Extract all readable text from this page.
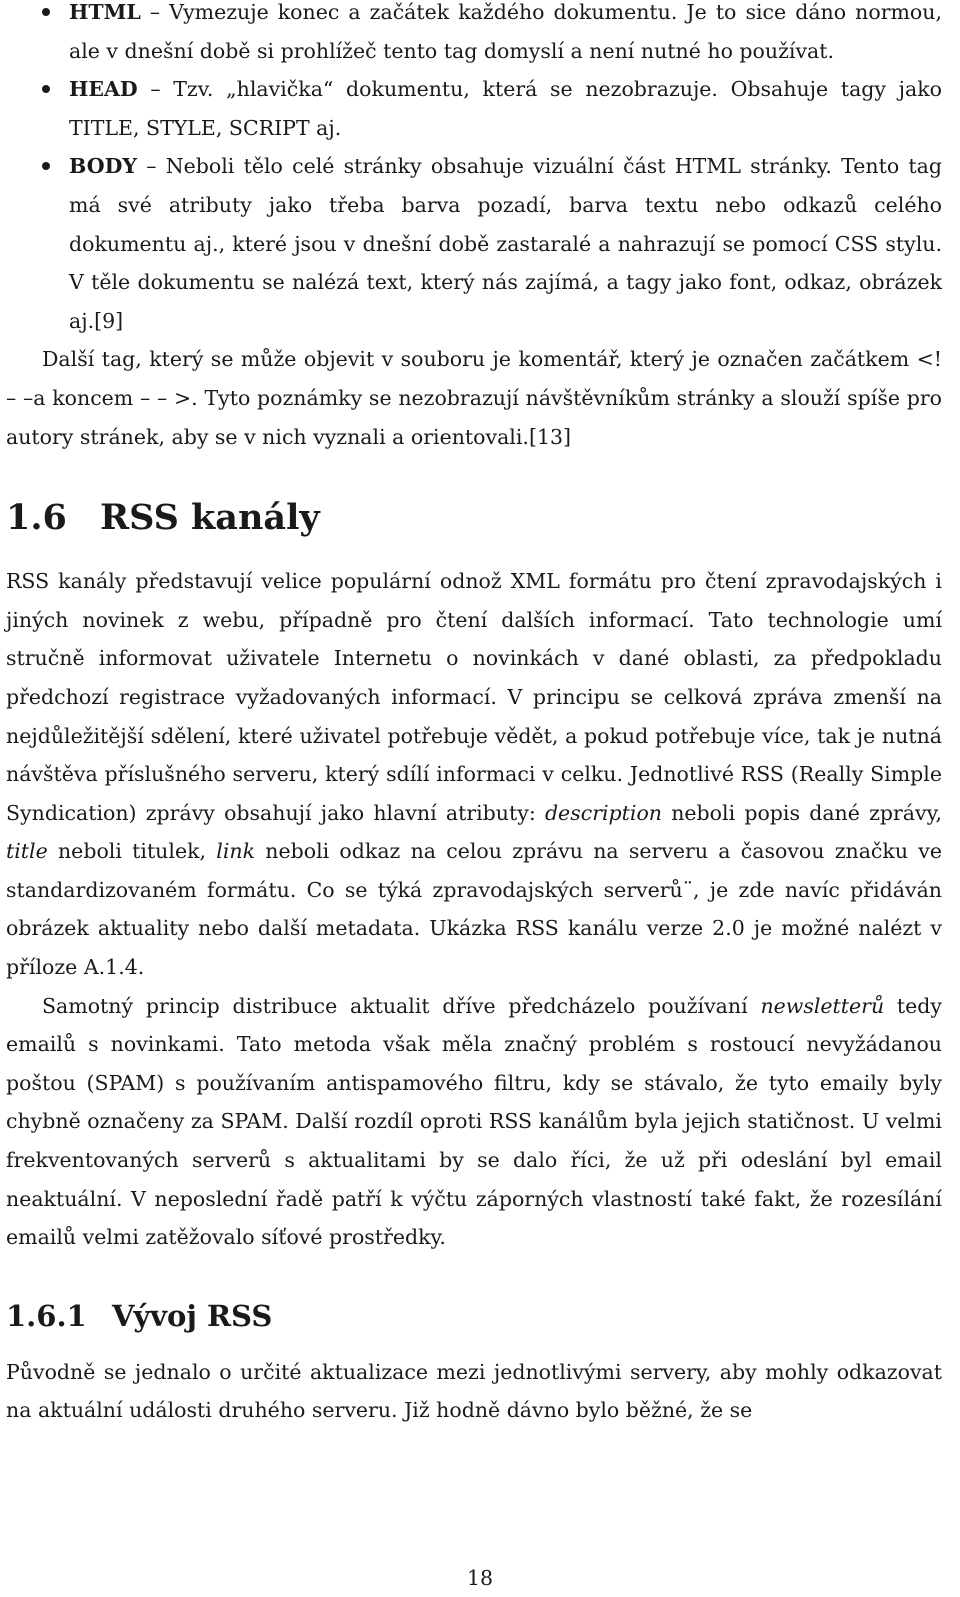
HTML – Vymezuje konec a začátek každého dokumentu. Je to sice dáno normou, ale v dnešní době si prohlížeč tento tag domyslí a není nutné ho používat.
HEAD – Tzv. „hlavička“ dokumentu, která se nezobrazuje. Obsahuje tagy jako TITLE, STYLE, SCRIPT aj.
BODY – Neboli tělo celé stránky obsahuje vizuální část HTML stránky. Tento tag má své atributy jako třeba barva pozadí, barva textu nebo odkazů celého dokumentu aj., které jsou v dnešní době zastaralé a nahrazují se pomocí CSS stylu. V těle dokumentu se nalézá text, který nás zajímá, a tagy jako font, odkaz, obrázek aj.[9]

Další tag, který se může objevit v souboru je komentář, který je označen začátkem <! – –a koncem – – >. Tyto poznámky se nezobrazují návštěvníkům stránky a slouží spíše pro autory stránek, aby se v nich vyznali a orientovali.[13]

1.6 RSS kanály

RSS kanály představují velice populární odnož XML formátu pro čtení zpravodajských i jiných novinek z webu, případně pro čtení dalších informací. Tato technologie umí stručně informovat uživatele Internetu o novinkách v dané oblasti, za předpokladu předchozí registrace vyžadovaných informací. V principu se celková zpráva zmenší na nejdůležitější sdělení, které uživatel potřebuje vědět, a pokud potřebuje více, tak je nutná návštěva příslušného serveru, který sdílí informaci v celku. Jednotlivé RSS (Really Simple Syndication) zprávy obsahují jako hlavní atributy: description neboli popis dané zprávy, title neboli titulek, link neboli odkaz na celou zprávu na serveru a časovou značku ve standardizovaném formátu. Co se týká zpravodajských serverů¨, je zde navíc přidáván obrázek aktuality nebo další metadata. Ukázka RSS kanálu verze 2.0 je možné nalézt v příloze A.1.4.

Samotný princip distribuce aktualit dříve předcházelo používaní newsletterů tedy emailů s novinkami. Tato metoda však měla značný problém s rostoucí nevyžádanou poštou (SPAM) s používaním antispamového filtru, kdy se stávalo, že tyto emaily byly chybně označeny za SPAM. Další rozdíl oproti RSS kanálům byla jejich statičnost. U velmi frekventovaných serverů s aktualitami by se dalo říci, že už při odeslání byl email neaktuální. V neposlední řadě patří k výčtu záporných vlastností také fakt, že rozesílání emailů velmi zatěžovalo síťové prostředky.

1.6.1 Vývoj RSS

Původně se jednalo o určité aktualizace mezi jednotlivými servery, aby mohly odkazovat na aktuální události druhého serveru. Již hodně dávno bylo běžné, že se

18
